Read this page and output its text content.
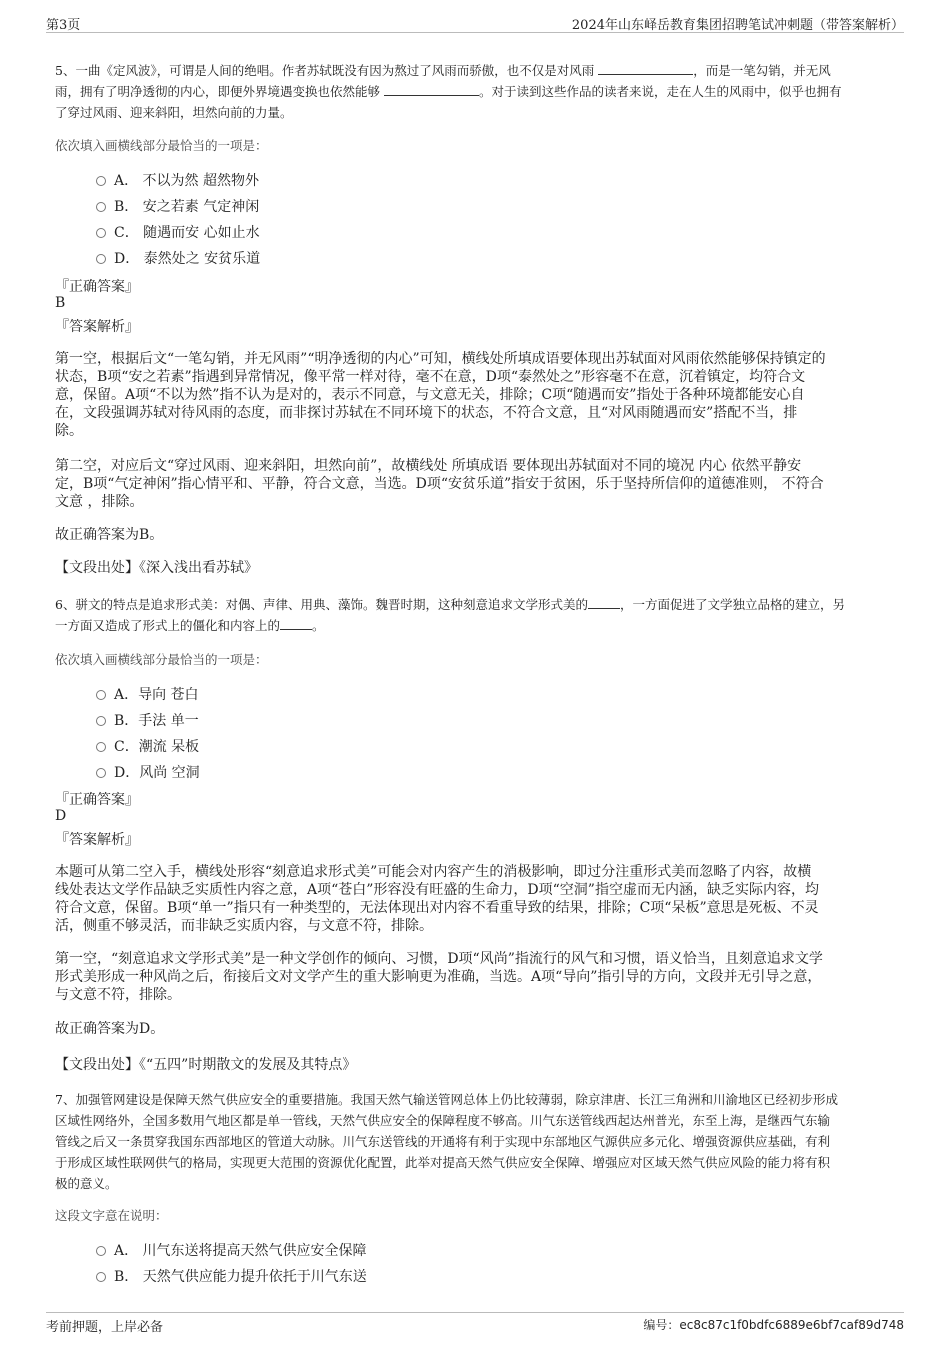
第3页	2024年山东峄岳教育集团招聘笔试冲刺题（带答案解析）
5、一曲《定风波》，可谓是人间的绝唱。作者苏轼既没有因为熬过了风雨而骄傲，也不仅是对风雨	，而是一笔勾销，并无风
雨，拥有了明净透彻的内心，即便外界境遇变换也依然能够	。对于读到这些作品的读者来说，走在人生的风雨中，似乎也拥有
了穿过风雨、迎来斜阳，坦然向前的力量。
依次填入画横线部分最恰当的一项是：
A． 不以为然 超然物外
B． 安之若素 气定神闲
C． 随遇而安 心如止水
D． 泰然处之 安贫乐道
『正确答案』
B
『答案解析』
第一空，根据后文“一笔勾销，并无风雨”“明净透彻的内心”可知，横线处所填成语要体现出苏轼面对风雨依然能够保持镇定的
状态，B项“安之若素”指遇到异常情况，像平常一样对待，毫不在意，D项“泰然处之”形容毫不在意，沉着镇定，均符合文
意，保留。A项“不以为然”指不认为是对的，表示不同意，与文意无关，排除；C项“随遇而安”指处于各种环境都能安心自
在，文段强调苏轼对待风雨的态度，而非探讨苏轼在不同环境下的状态，不符合文意，且“对风雨随遇而安”搭配不当，排
除。
第二空，对应后文“穿过风雨、迎来斜阳，坦然向前”，故横线处 所填成语 要体现出苏轼面对不同的境况 内心 依然平静安
定，B项“气定神闲”指心情平和、平静，符合文意，当选。D项“安贫乐道”指安于贫困，乐于坚持所信仰的道德准则， 不符合
文意 ，排除。
故正确答案为B。
【文段出处】《深入浅出看苏轼》
6、骈文的特点是追求形式美：对偶、声律、用典、藻饰。魏晋时期，这种刻意追求文学形式美的	，一方面促进了文学独立品格的建立，另
一方面又造成了形式上的僵化和内容上的	。
依次填入画横线部分最恰当的一项是：
A．导向 苍白
B．手法 单一
C．潮流 呆板
D．风尚 空洞
『正确答案』
D
『答案解析』
本题可从第二空入手，横线处形容“刻意追求形式美”可能会对内容产生的消极影响，即过分注重形式美而忽略了内容，故横
线处表达文学作品缺乏实质性内容之意，A项“苍白”形容没有旺盛的生命力，D项“空洞”指空虚而无内涵，缺乏实际内容，均
符合文意，保留。B项“单一”指只有一种类型的，无法体现出对内容不看重导致的结果，排除；C项“呆板”意思是死板、不灵
活，侧重不够灵活，而非缺乏实质内容，与文意不符，排除。
第一空，“刻意追求文学形式美”是一种文学创作的倾向、习惯，D项“风尚”指流行的风气和习惯，语义恰当，且刻意追求文学
形式美形成一种风尚之后，衔接后文对文学产生的重大影响更为准确，当选。A项“导向”指引导的方向，文段并无引导之意，
与文意不符，排除。
故正确答案为D。
【文段出处】《“五四”时期散文的发展及其特点》
7、加强管网建设是保障天然气供应安全的重要措施。我国天然气输送管网总体上仍比较薄弱，除京津唐、长江三角洲和川渝地区已经初步形成
区域性网络外，全国多数用气地区都是单一管线，天然气供应安全的保障程度不够高。川气东送管线西起达州普光，东至上海，是继西气东输
管线之后又一条贯穿我国东西部地区的管道大动脉。川气东送管线的开通将有利于实现中东部地区气源供应多元化、增强资源供应基础，有利
于形成区域性联网供气的格局，实现更大范围的资源优化配置，此举对提高天然气供应安全保障、增强应对区域天然气供应风险的能力将有积
极的意义。
这段文字意在说明：
A． 川气东送将提高天然气供应安全保障
B． 天然气供应能力提升依托于川气东送
考前押题，上岸必备	编号：ec8c87c1f0bdfc6889e6bf7caf89d748
